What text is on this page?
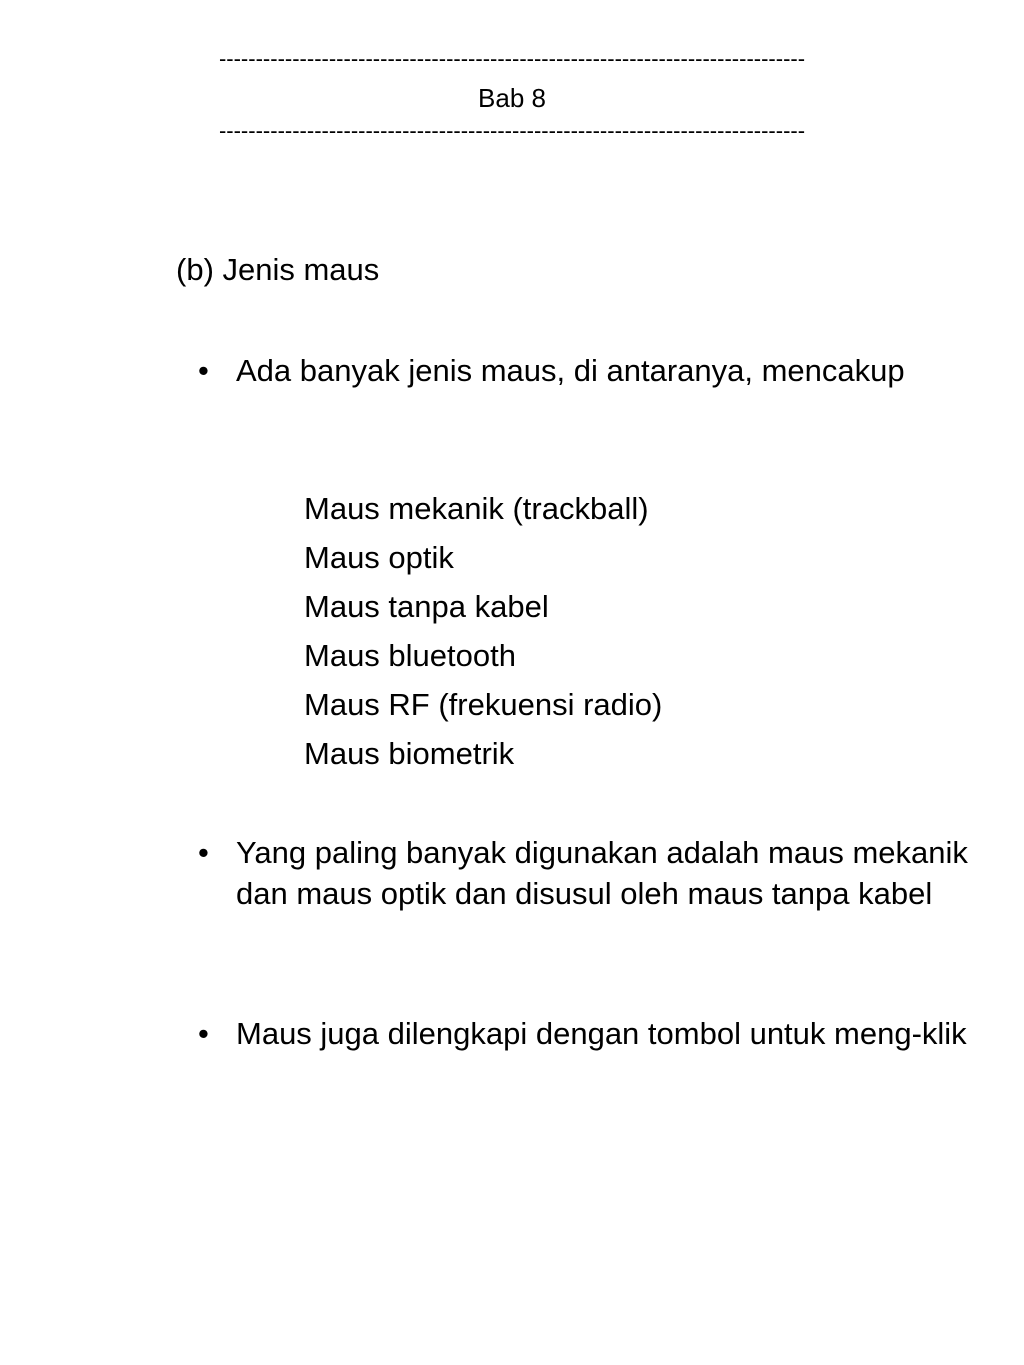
--------------------------------------------------------------------------------
Bab 8
--------------------------------------------------------------------------------
(b) Jenis maus
• Ada banyak jenis maus, di antaranya, mencakup
Maus mekanik (trackball)
Maus optik
Maus tanpa kabel
Maus bluetooth
Maus RF (frekuensi radio)
Maus biometrik
• Yang paling banyak digunakan adalah maus mekanik dan maus optik dan disusul oleh maus tanpa kabel
• Maus juga dilengkapi dengan tombol untuk meng-klik
